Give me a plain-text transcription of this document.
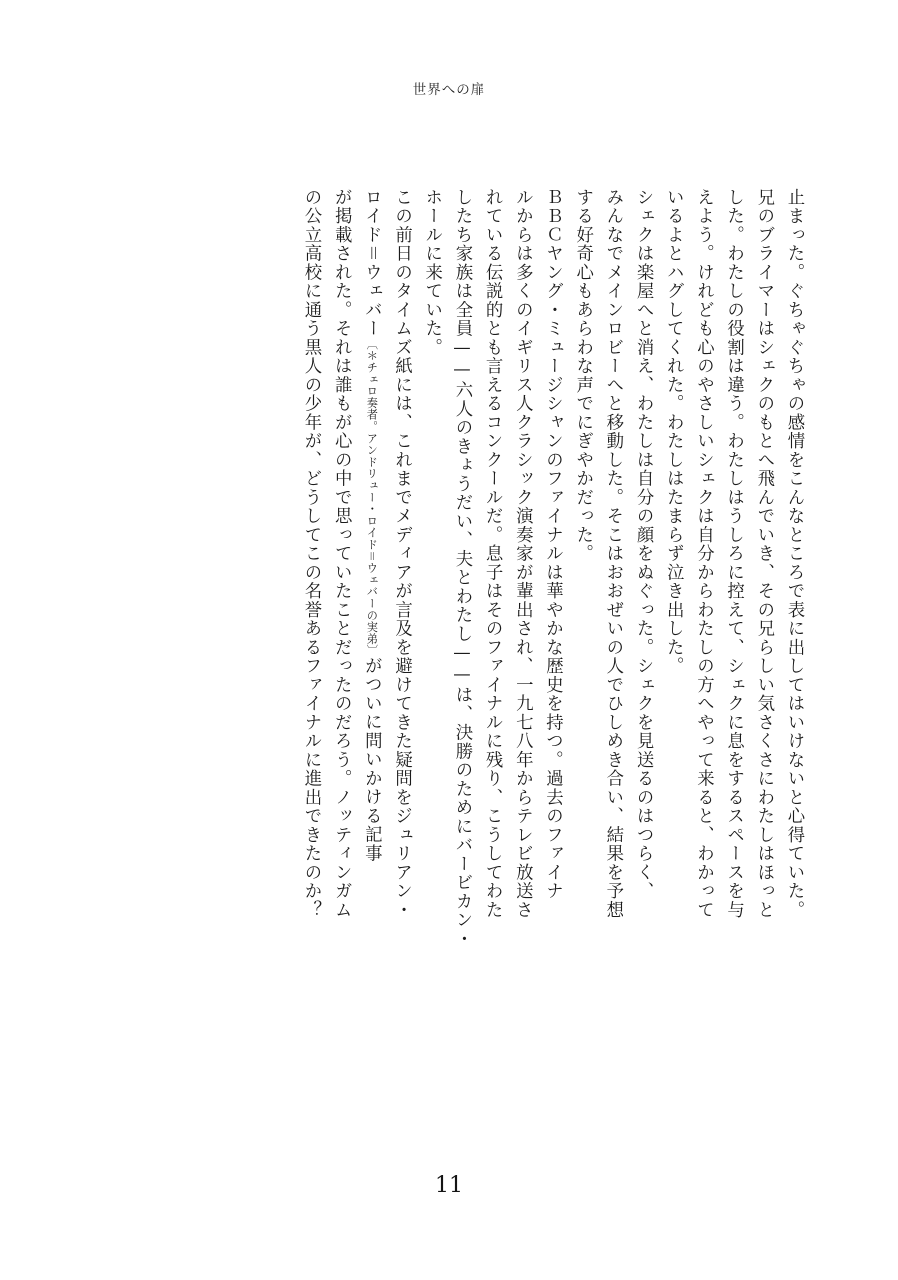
世界への扉
止まった。ぐちゃぐちゃの感情をこんなところで表に出してはいけないと心得ていた。
兄のブライマーはシェクのもとへ飛んでいき、その兄らしい気さくさにわたしはほっと
した。わたしの役割は違う。わたしはうしろに控えて、シェクに息をするスペースを与
えよう。けれども心のやさしいシェクは自分からわたしの方へやって来ると、わかって
いるよとハグしてくれた。わたしはたまらず泣き出した。
シェクは楽屋へと消え、わたしは自分の顔をぬぐった。シェクを見送るのはつらく、
みんなでメインロビーへと移動した。そこはおおぜいの人でひしめき合い、結果を予想
する好奇心もあらわな声でにぎやかだった。
ＢＢＣヤング・ミュージシャンのファイナルは華やかな歴史を持つ。過去のファイナ
ルからは多くのイギリス人クラシック演奏家が輩出され、一九七八年からテレビ放送さ
れている伝説的とも言えるコンクールだ。息子はそのファイナルに残り、こうしてわた
したち家族は全員——六人のきょうだい、夫とわたし——は、決勝のためにバービカン・
ホールに来ていた。
この前日のタイムズ紙には、これまでメディアが言及を避けてきた疑問をジュリアン・
ロイド＝ウェバー〔＊チェロ奏者。アンドリュー・ロイド＝ウェバーの実弟〕がついに問いかける記事
が掲載された。それは誰もが心の中で思っていたことだったのだろう。ノッティンガム
の公立高校に通う黒人の少年が、どうしてこの名誉あるファイナルに進出できたのか？
11
